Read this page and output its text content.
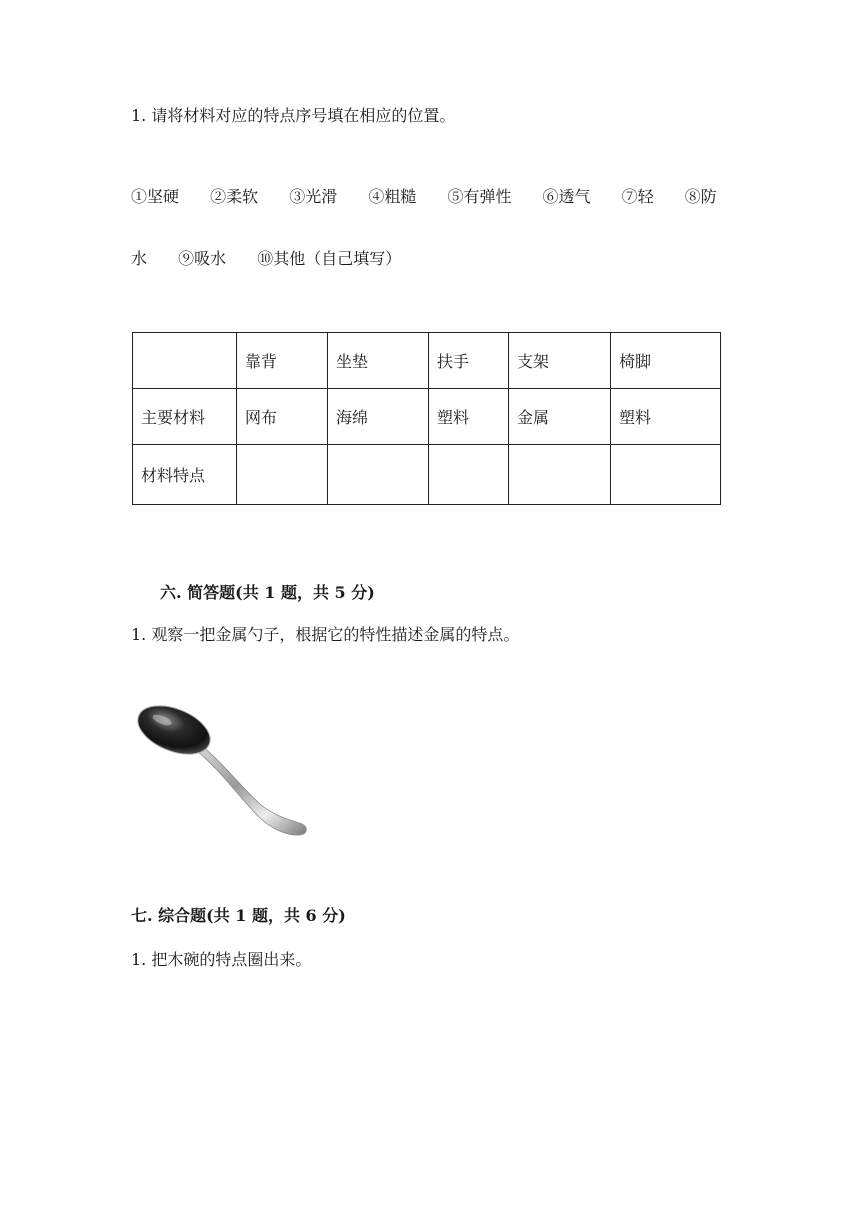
1. 请将材料对应的特点序号填在相应的位置。
①坚硬 ②柔软 ③光滑 ④粗糙 ⑤有弹性 ⑥透气 ⑦轻 ⑧防
水 ⑨吸水 ⑩其他（自己填写）
	靠背	坐垫	扶手	支架	椅脚
主要材料	网布	海绵	塑料	金属	塑料
材料特点					
六. 简答题(共 1 题，共 5 分)
1. 观察一把金属勺子，根据它的特性描述金属的特点。
七. 综合题(共 1 题，共 6 分)
1. 把木碗的特点圈出来。
